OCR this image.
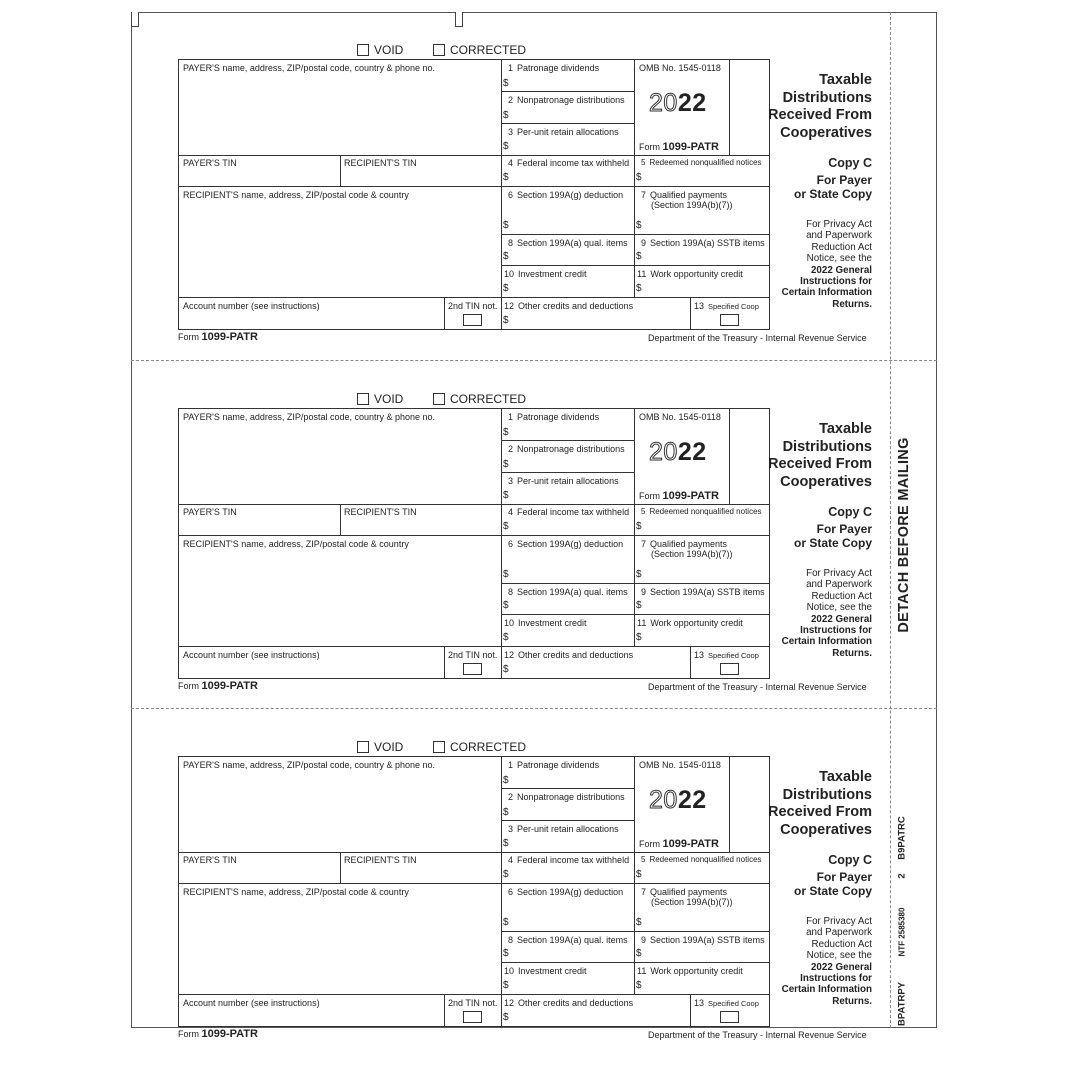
DETACH BEFORE MAILING
B9PATRC
2
NTF 2585380
BPATRPY
VOID	CORRECTED
PAYER'S name, address, ZIP/postal code, country & phone no.
PAYER'S TIN	RECIPIENT'S TIN
RECIPIENT'S name, address, ZIP/postal code & country
Account number (see instructions)	2nd TIN not.
1 Patronage dividends
$
2 Nonpatronage distributions
$
3 Per-unit retain allocations
$
4 Federal income tax withheld
$
5 Redeemed nonqualified notices
$
6 Section 199A(g) deduction
$
7 Qualified payments
(Section 199A(b)(7))
$
8 Section 199A(a) qual. items
$
9 Section 199A(a) SSTB items
$
10 Investment credit
$
11 Work opportunity credit
$
12 Other credits and deductions
$
13 Specified Coop
OMB No. 1545-0118
2022
Form 1099-PATR
Taxable
Distributions
Received From
Cooperatives
Copy C
For Payer
or State Copy
For Privacy Act
and Paperwork
Reduction Act
Notice, see the
2022 General
Instructions for
Certain Information
Returns.
Form 1099-PATR	Department of the Treasury - Internal Revenue Service
VOID	CORRECTED
PAYER'S name, address, ZIP/postal code, country & phone no.
PAYER'S TIN	RECIPIENT'S TIN
RECIPIENT'S name, address, ZIP/postal code & country
Account number (see instructions)	2nd TIN not.
1 Patronage dividends
$
2 Nonpatronage distributions
$
3 Per-unit retain allocations
$
4 Federal income tax withheld
$
5 Redeemed nonqualified notices
$
6 Section 199A(g) deduction
$
7 Qualified payments
(Section 199A(b)(7))
$
8 Section 199A(a) qual. items
$
9 Section 199A(a) SSTB items
$
10 Investment credit
$
11 Work opportunity credit
$
12 Other credits and deductions
$
13 Specified Coop
OMB No. 1545-0118
2022
Form 1099-PATR
Taxable
Distributions
Received From
Cooperatives
Copy C
For Payer
or State Copy
For Privacy Act
and Paperwork
Reduction Act
Notice, see the
2022 General
Instructions for
Certain Information
Returns.
Form 1099-PATR	Department of the Treasury - Internal Revenue Service
VOID	CORRECTED
PAYER'S name, address, ZIP/postal code, country & phone no.
PAYER'S TIN	RECIPIENT'S TIN
RECIPIENT'S name, address, ZIP/postal code & country
Account number (see instructions)	2nd TIN not.
1 Patronage dividends
$
2 Nonpatronage distributions
$
3 Per-unit retain allocations
$
4 Federal income tax withheld
$
5 Redeemed nonqualified notices
$
6 Section 199A(g) deduction
$
7 Qualified payments
(Section 199A(b)(7))
$
8 Section 199A(a) qual. items
$
9 Section 199A(a) SSTB items
$
10 Investment credit
$
11 Work opportunity credit
$
12 Other credits and deductions
$
13 Specified Coop
OMB No. 1545-0118
2022
Form 1099-PATR
Taxable
Distributions
Received From
Cooperatives
Copy C
For Payer
or State Copy
For Privacy Act
and Paperwork
Reduction Act
Notice, see the
2022 General
Instructions for
Certain Information
Returns.
Form 1099-PATR	Department of the Treasury - Internal Revenue Service
